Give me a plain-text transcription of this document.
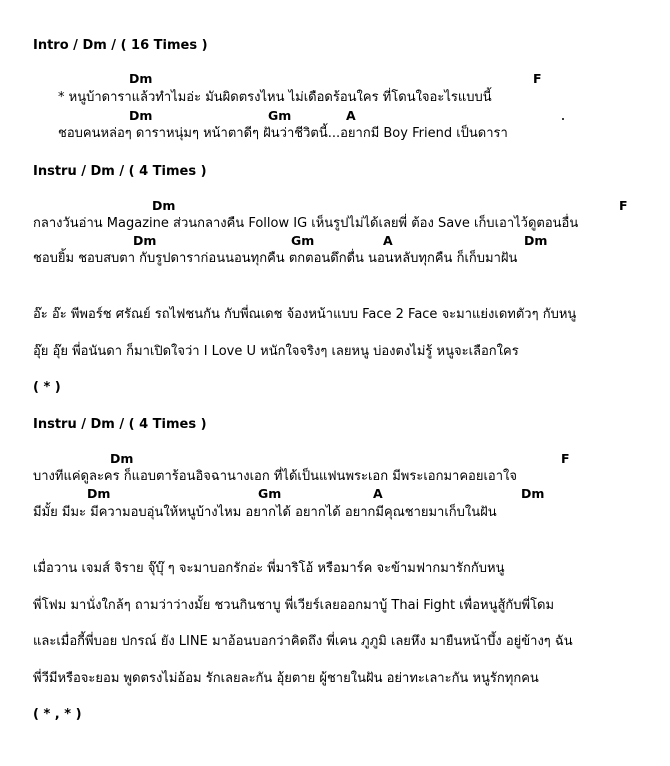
Intro / Dm / ( 16 Times )
Dm	F
* หนูบ้าดาราแล้วทำไมอ่ะ มันผิดตรงไหน ไม่เดือดร้อนใคร ที่โดนใจอะไรแบบนี้
Dm	Gm	A
ชอบคนหล่อๆ ดาราหนุ่มๆ หน้าตาดีๆ ฝันว่าชีวิตนี้...อยากมี Boy Friend เป็นดารา
Instru / Dm / ( 4 Times )
Dm	F
กลางวันอ่าน Magazine ส่วนกลางคืน Follow IG เห็นรูปไม่ได้เลยพี่ ต้อง Save เก็บเอาไว้ดูตอนอื่น
Dm	Gm	A	Dm
ชอบยิ้ม ชอบสบตา กับรูปดาราก่อนนอนทุกคืน ตกตอนดึกดื่น นอนหลับทุกคืน ก็เก็บมาฝัน
อ๊ะ อ๊ะ พีพอร์ช ศรัณย์ รถไฟชนกัน กับพี่ณเดช จ้องหน้าแบบ Face 2 Face จะมาแย่งเดทตัวๆ กับหนู
อุ๊ย อุ๊ย พี่อนันดา ก็มาเปิดใจว่า I Love U หนักใจจริงๆ เลยหนู บ่องตงไม่รู้ หนูจะเลือกใคร
( * )
Instru / Dm / ( 4 Times )
Dm	F
บางทีแค่ดูละคร ก็แอบตาร้อนอิจฉานางเอก ที่ได้เป็นแฟนพระเอก มีพระเอกมาคอยเอาใจ
Dm	Gm	A	Dm
มีมั้ย มีมะ มีความอบอุ่นให้หนูบ้างไหม อยากได้ อยากได้ อยากมีคุณชายมาเก็บในฝัน
เมื่อวาน เจมส์ จิราย จุ๊บุ๊ ๆ จะมาบอกรักอ่ะ พี่มาริโอ้ หรือมาร์ค จะข้ามฟากมารักกับหนู
พี่โฟม มานั่งใกล้ๆ ถามว่าว่างมั้ย ชวนกินชาบู พี่เวียร์เลยออกมาบู้ Thai Fight เพื่อหนูสู้กับพี่โดม
และเมื่อกี้พี่บอย ปกรณ์ ยัง LINE มาอ้อนบอกว่าคิดถึง พี่เคน ภูภูมิ เลยหึง มายืนหน้าบึ้ง อยู่ข้างๆ ฉัน
พี่วีมีหรือจะยอม พูดตรงไม่อ้อม รักเลยละกัน อุ้ยตาย ผู้ชายในฝัน อย่าทะเลาะกัน หนูรักทุกคน
( * , * )
